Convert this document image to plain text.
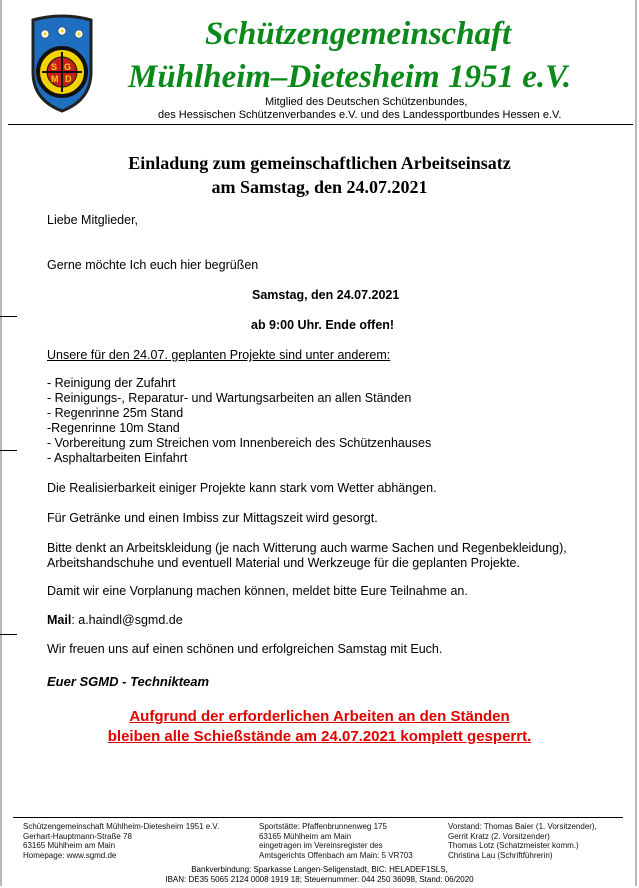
S G
M D
Schützengemeinschaft
Mühlheim–Dietesheim 1951 e.V.
Mitglied des Deutschen Schützenbundes,
des Hessischen Schützenverbandes e.V. und des Landessportbundes Hessen e.V.
Einladung zum gemeinschaftlichen Arbeitseinsatz
am Samstag, den 24.07.2021
Liebe Mitglieder,
Gerne möchte Ich euch hier begrüßen
Samstag, den 24.07.2021
ab 9:00 Uhr. Ende offen!
Unsere für den 24.07. geplanten Projekte sind unter anderem:
- Reinigung der Zufahrt
- Reinigungs-, Reparatur- und Wartungsarbeiten an allen Ständen
- Regenrinne 25m Stand
-Regenrinne 10m Stand
- Vorbereitung zum Streichen vom Innenbereich des Schützenhauses
- Asphaltarbeiten Einfahrt
Die Realisierbarkeit einiger Projekte kann stark vom Wetter abhängen.
Für Getränke und einen Imbiss zur Mittagszeit wird gesorgt.
Bitte denkt an Arbeitskleidung (je nach Witterung auch warme Sachen und Regenbekleidung),
Arbeitshandschuhe und eventuell Material und Werkzeuge für die geplanten Projekte.
Damit wir eine Vorplanung machen können, meldet bitte Eure Teilnahme an.
Mail: a.haindl@sgmd.de
Wir freuen uns auf einen schönen und erfolgreichen Samstag mit Euch.
Euer SGMD - Technikteam
Aufgrund der erforderlichen Arbeiten an den Ständen
bleiben alle Schießstände am 24.07.2021 komplett gesperrt.
Schützengemeinschaft Mühlheim-Dietesheim 1951 e.V.
Gerhart-Hauptmann-Straße 78
63165 Mühlheim am Main
Homepage: www.sgmd.de
Sportstätte: Pfaffenbrunnenweg 175
63165 Mühlheim am Main
eingetragen im Vereinsregister des
Amtsgerichts Offenbach am Main: 5 VR703
Vorstand: Thomas Baier (1. Vorsitzender),
Gerrit Kratz (2. Vorsitzender)
Thomas Lotz (Schatzmeister komm.)
Christina Lau (Schriftführerin)
Bankverbindung: Sparkasse Langen-Seligenstadt, BIC: HELADEF1SLS,
IBAN: DE35 5065 2124 0008 1919 18; Steuernummer: 044 250 36098, Stand: 06/2020
